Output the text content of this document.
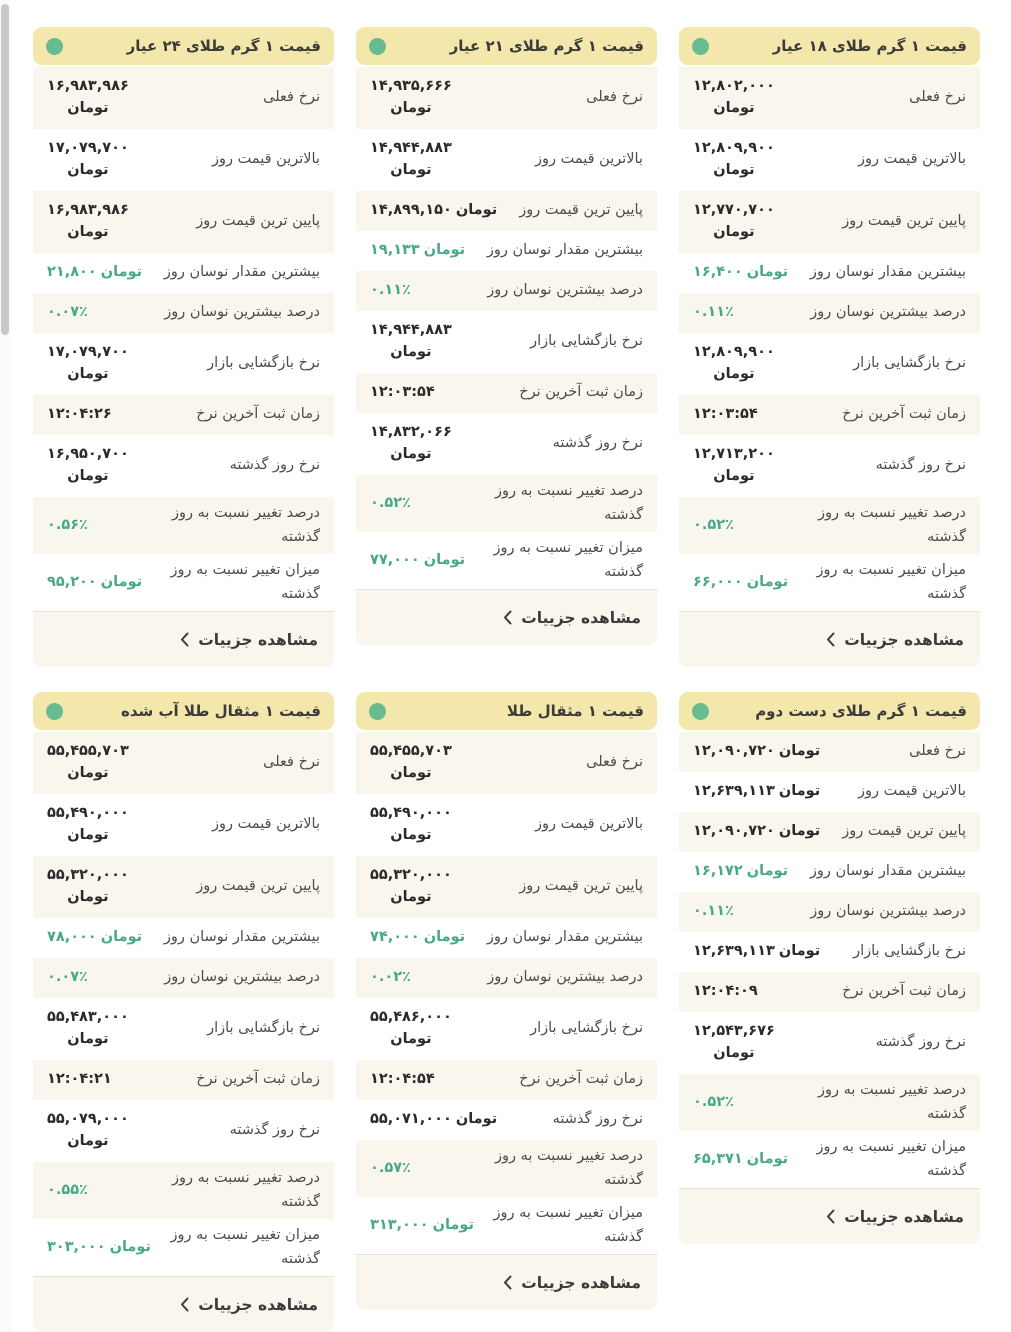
قیمت ۱ گرم طلای ۱۸ عیار
نرخ فعلی
۱۲,۸۰۲,۰۰۰
تومان
بالاترین قیمت روز
۱۲,۸۰۹,۹۰۰
تومان
پایین ترین قیمت روز
۱۲,۷۷۰,۷۰۰
تومان
بیشترین مقدار نوسان روز
۱۶,۴۰۰ تومان
درصد بیشترین نوسان روز
۰.۱۱٪
نرخ بازگشایی بازار
۱۲,۸۰۹,۹۰۰
تومان
زمان ثبت آخرین نرخ
۱۲:۰۳:۵۴
نرخ روز گذشته
۱۲,۷۱۳,۲۰۰
تومان
درصد تغییر نسبت به روز گذشته
۰.۵۲٪
میزان تغییر نسبت به روز گذشته
۶۶,۰۰۰ تومان
مشاهده جزییات
قیمت ۱ گرم طلای ۲۱ عیار
نرخ فعلی
۱۴,۹۳۵,۶۶۶
تومان
بالاترین قیمت روز
۱۴,۹۴۴,۸۸۳
تومان
پایین ترین قیمت روز
۱۴,۸۹۹,۱۵۰ تومان
بیشترین مقدار نوسان روز
۱۹,۱۳۳ تومان
درصد بیشترین نوسان روز
۰.۱۱٪
نرخ بازگشایی بازار
۱۴,۹۴۴,۸۸۳
تومان
زمان ثبت آخرین نرخ
۱۲:۰۳:۵۴
نرخ روز گذشته
۱۴,۸۳۲,۰۶۶
تومان
درصد تغییر نسبت به روز گذشته
۰.۵۲٪
میزان تغییر نسبت به روز گذشته
۷۷,۰۰۰ تومان
مشاهده جزییات
قیمت ۱ گرم طلای ۲۴ عیار
نرخ فعلی
۱۶,۹۸۳,۹۸۶
تومان
بالاترین قیمت روز
۱۷,۰۷۹,۷۰۰
تومان
پایین ترین قیمت روز
۱۶,۹۸۳,۹۸۶
تومان
بیشترین مقدار نوسان روز
۲۱,۸۰۰ تومان
درصد بیشترین نوسان روز
۰.۰۷٪
نرخ بازگشایی بازار
۱۷,۰۷۹,۷۰۰
تومان
زمان ثبت آخرین نرخ
۱۲:۰۴:۲۶
نرخ روز گذشته
۱۶,۹۵۰,۷۰۰
تومان
درصد تغییر نسبت به روز گذشته
۰.۵۶٪
میزان تغییر نسبت به روز گذشته
۹۵,۲۰۰ تومان
مشاهده جزییات
قیمت ۱ گرم طلای دست دوم
نرخ فعلی
۱۲,۰۹۰,۷۲۰ تومان
بالاترین قیمت روز
۱۲,۶۳۹,۱۱۳ تومان
پایین ترین قیمت روز
۱۲,۰۹۰,۷۲۰ تومان
بیشترین مقدار نوسان روز
۱۶,۱۷۲ تومان
درصد بیشترین نوسان روز
۰.۱۱٪
نرخ بازگشایی بازار
۱۲,۶۳۹,۱۱۳ تومان
زمان ثبت آخرین نرخ
۱۲:۰۴:۰۹
نرخ روز گذشته
۱۲,۵۴۳,۶۷۶
تومان
درصد تغییر نسبت به روز گذشته
۰.۵۲٪
میزان تغییر نسبت به روز گذشته
۶۵,۳۷۱ تومان
مشاهده جزییات
قیمت ۱ مثقال طلا
نرخ فعلی
۵۵,۴۵۵,۷۰۳
تومان
بالاترین قیمت روز
۵۵,۴۹۰,۰۰۰
تومان
پایین ترین قیمت روز
۵۵,۳۲۰,۰۰۰
تومان
بیشترین مقدار نوسان روز
۷۴,۰۰۰ تومان
درصد بیشترین نوسان روز
۰.۰۲٪
نرخ بازگشایی بازار
۵۵,۴۸۶,۰۰۰
تومان
زمان ثبت آخرین نرخ
۱۲:۰۴:۵۴
نرخ روز گذشته
۵۵,۰۷۱,۰۰۰ تومان
درصد تغییر نسبت به روز گذشته
۰.۵۷٪
میزان تغییر نسبت به روز گذشته
۳۱۳,۰۰۰ تومان
مشاهده جزییات
قیمت ۱ مثقال طلا آب شده
نرخ فعلی
۵۵,۴۵۵,۷۰۳
تومان
بالاترین قیمت روز
۵۵,۴۹۰,۰۰۰
تومان
پایین ترین قیمت روز
۵۵,۳۲۰,۰۰۰
تومان
بیشترین مقدار نوسان روز
۷۸,۰۰۰ تومان
درصد بیشترین نوسان روز
۰.۰۷٪
نرخ بازگشایی بازار
۵۵,۴۸۳,۰۰۰
تومان
زمان ثبت آخرین نرخ
۱۲:۰۴:۲۱
نرخ روز گذشته
۵۵,۰۷۹,۰۰۰
تومان
درصد تغییر نسبت به روز گذشته
۰.۵۵٪
میزان تغییر نسبت به روز گذشته
۳۰۳,۰۰۰ تومان
مشاهده جزییات
